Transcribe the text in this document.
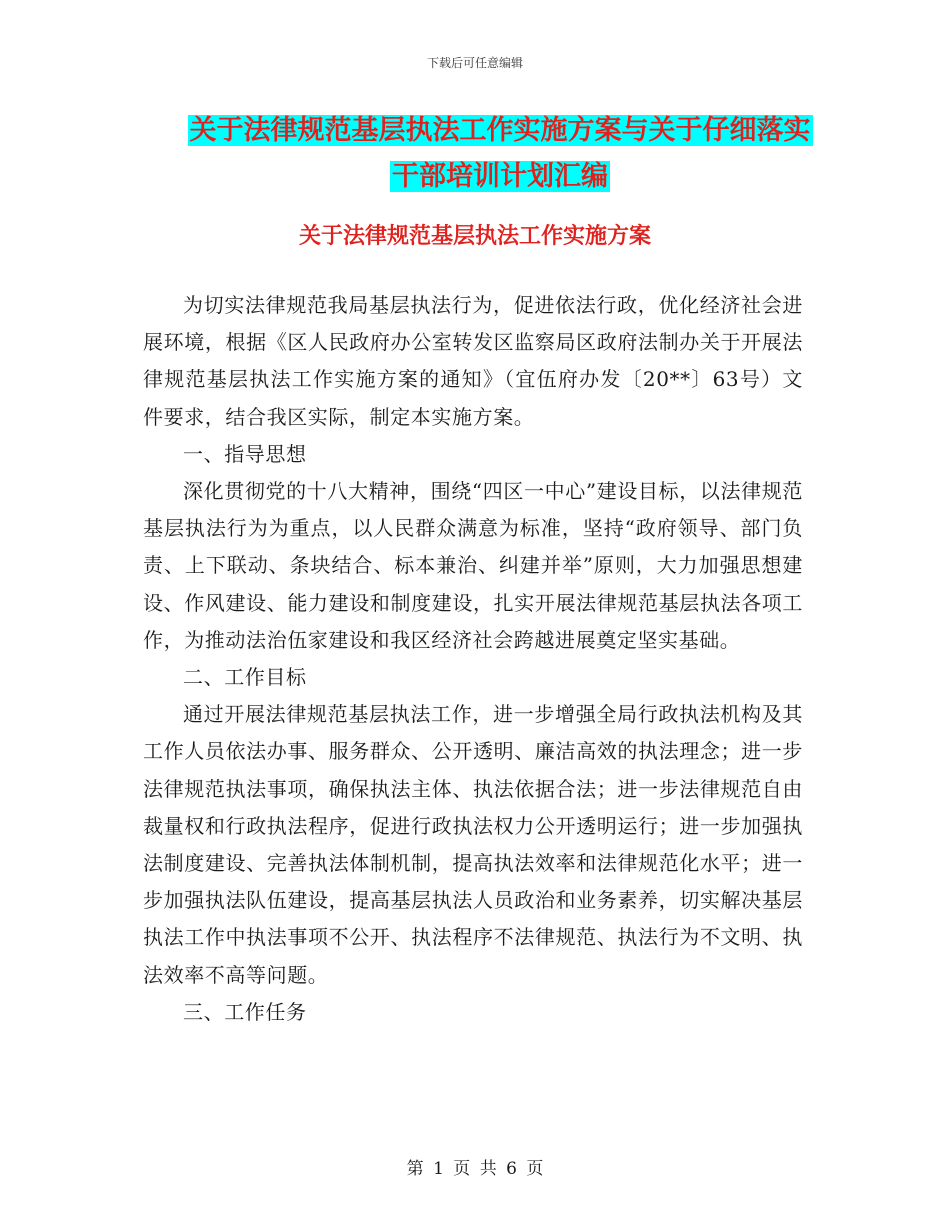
下载后可任意编辑
关于法律规范基层执法工作实施方案与关于仔细落实
干部培训计划汇编
关于法律规范基层执法工作实施方案

为切实法律规范我局基层执法行为，促进依法行政，优化经济社会进展环境，根据《区人民政府办公室转发区监察局区政府法制办关于开展法律规范基层执法工作实施方案的通知》（宜伍府办发〔20**〕63号）文件要求，结合我区实际，制定本实施方案。

一、指导思想

深化贯彻党的十八大精神，围绕“四区一中心”建设目标，以法律规范基层执法行为为重点，以人民群众满意为标准，坚持“政府领导、部门负责、上下联动、条块结合、标本兼治、纠建并举”原则，大力加强思想建设、作风建设、能力建设和制度建设，扎实开展法律规范基层执法各项工作，为推动法治伍家建设和我区经济社会跨越进展奠定坚实基础。

二、工作目标

通过开展法律规范基层执法工作，进一步增强全局行政执法机构及其工作人员依法办事、服务群众、公开透明、廉洁高效的执法理念；进一步法律规范执法事项，确保执法主体、执法依据合法；进一步法律规范自由裁量权和行政执法程序，促进行政执法权力公开透明运行；进一步加强执法制度建设、完善执法体制机制，提高执法效率和法律规范化水平；进一步加强执法队伍建设，提高基层执法人员政治和业务素养，切实解决基层执法工作中执法事项不公开、执法程序不法律规范、执法行为不文明、执法效率不高等问题。

三、工作任务

第 1 页 共 6 页
